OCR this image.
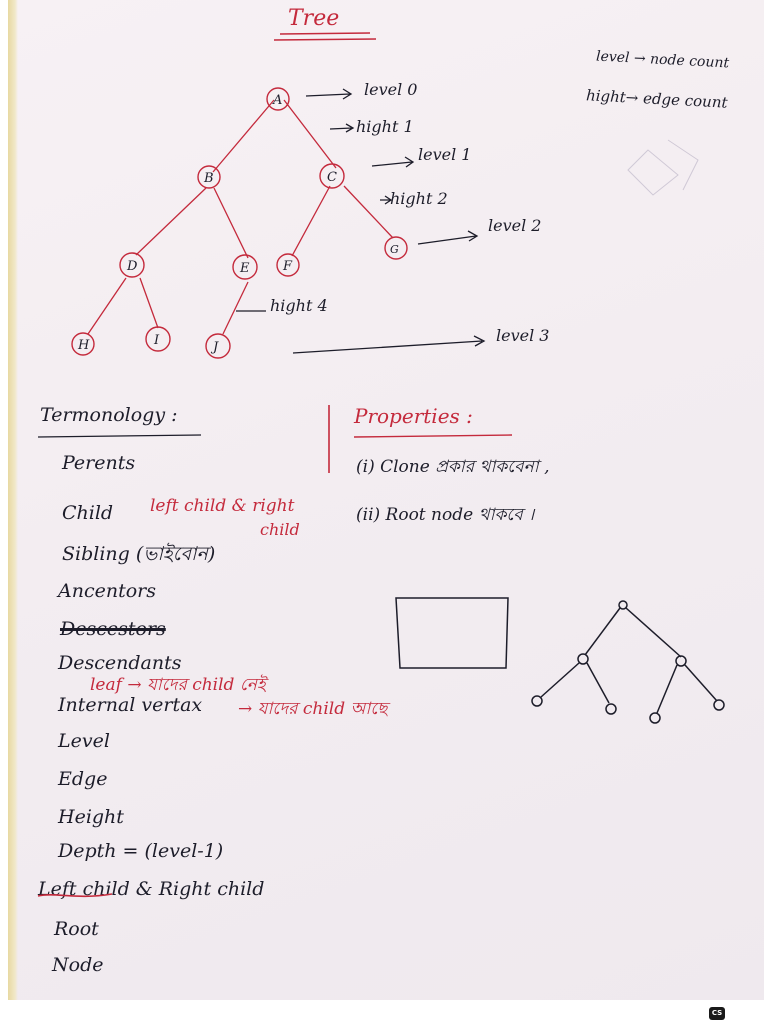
Tree
A
B	C
D	E	F
G
H	I	J
level 0
hight 1
level 1
hight 2
level 2
hight 4
level 3
level → node count
hight→ edge count
Termonology :
Perents
Child left child & right
child
Sibling (ভাইবোন)
Ancentors
Descestors
Descendants
leaf → যাদের child নেই
Internal vertax → যাদের child আছে
Level
Edge
Height
Depth = (level-1)
Left child & Right child
Root
Node
Properties :
(i) Clone প্রকার থাকবেনা ,
(ii) Root node থাকবে ।
CS
